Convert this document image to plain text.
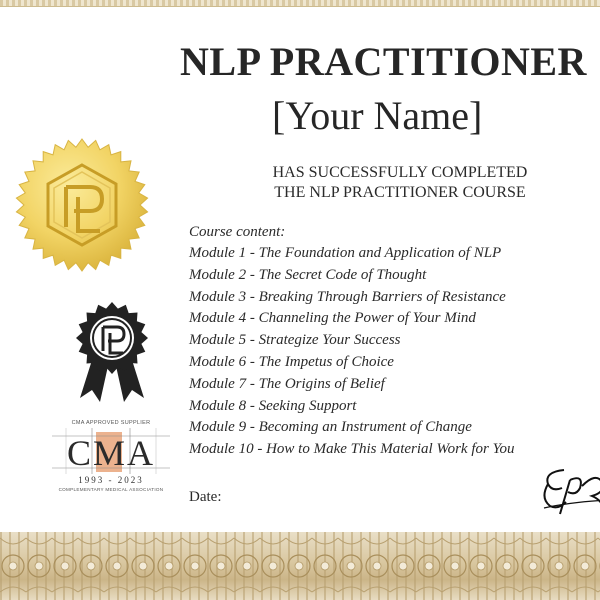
CMA APPROVED SUPPLIER
CMA
1993 - 2023
COMPLEMENTARY MEDICAL ASSOCIATION
NLP PRACTITIONER
[Your Name]
HAS SUCCESSFULLY COMPLETED
THE NLP PRACTITIONER COURSE
Course content:
Module 1 - The Foundation and Application of NLP
Module 2 - The Secret Code of Thought
Module 3 - Breaking Through Barriers of Resistance
Module 4 - Channeling the Power of Your Mind
Module 5 - Strategize Your Success
Module 6 - The Impetus of Choice
Module 7 - The Origins of Belief
Module 8 - Seeking Support
Module 9 - Becoming an Instrument of Change
Module 10 - How to Make This Material Work for You
Date:
